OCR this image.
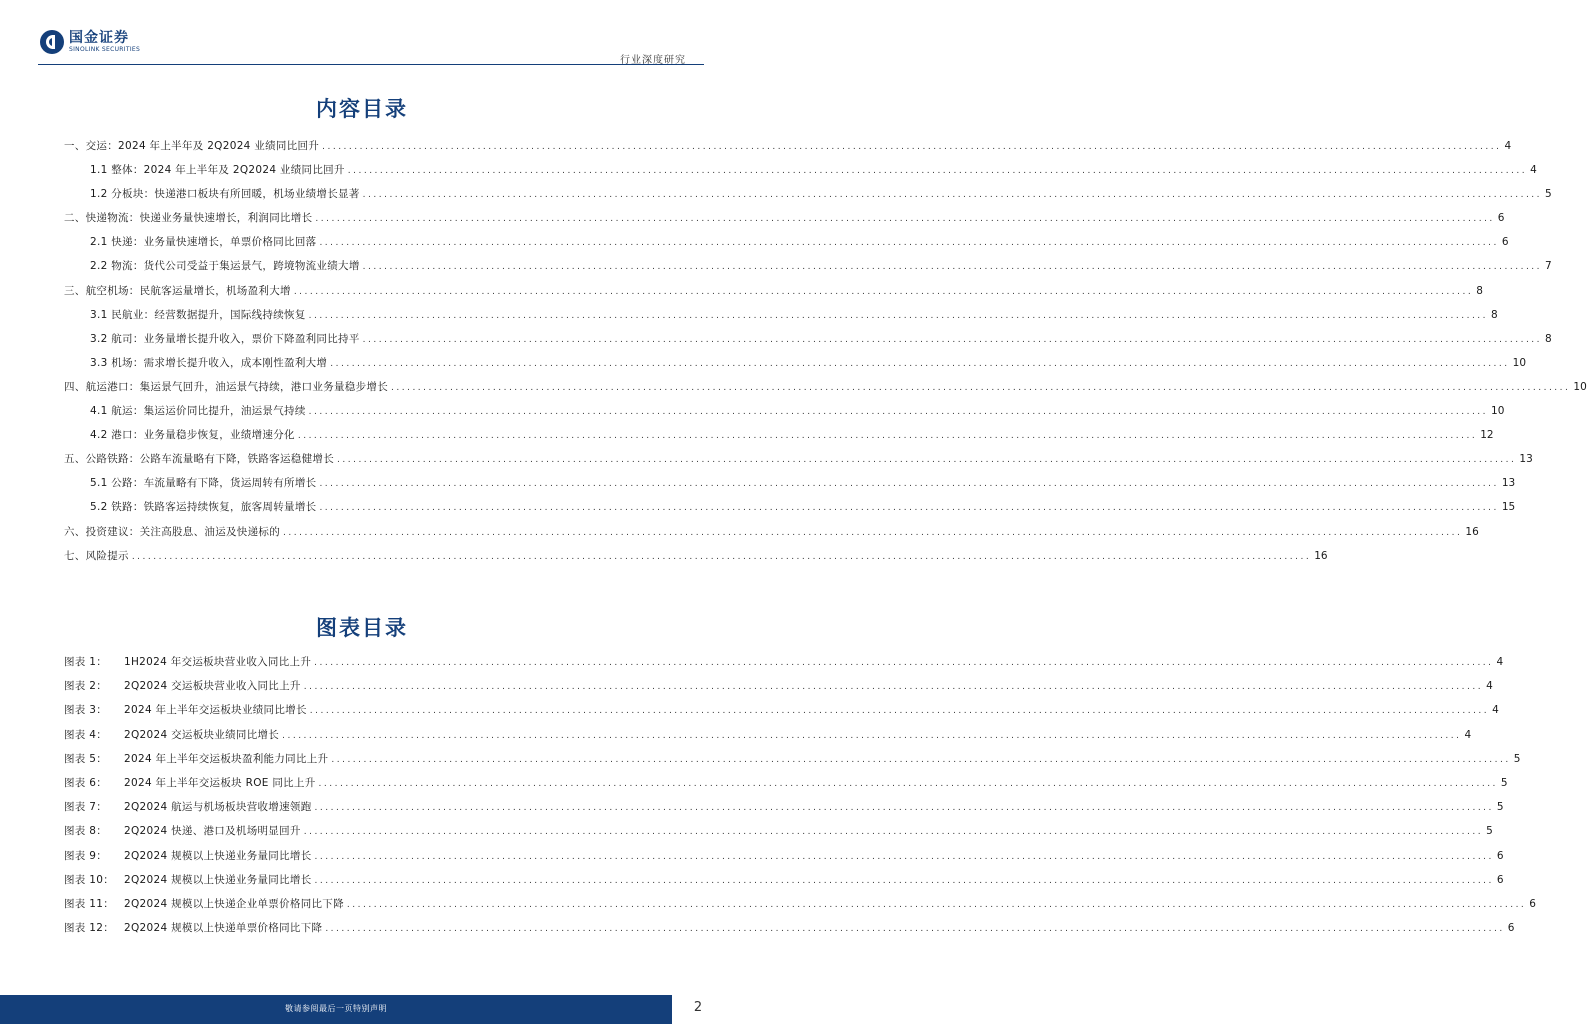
国金证券
SINOLINK SECURITIES
行业深度研究
内容目录
一、交运：2024 年上半年及 2Q2024 业绩同比回升 ............................................................................................................................................................................................................................ 4
1.1 整体：2024 年上半年及 2Q2024 业绩同比回升 ............................................................................................................................................................................................................................ 4
1.2 分板块：快递港口板块有所回暖，机场业绩增长显著 ............................................................................................................................................................................................................................ 5
二、快递物流：快递业务量快速增长，利润同比增长 ............................................................................................................................................................................................................................ 6
2.1 快递：业务量快速增长，单票价格同比回落 ............................................................................................................................................................................................................................ 6
2.2 物流：货代公司受益于集运景气，跨境物流业绩大增 ............................................................................................................................................................................................................................ 7
三、航空机场：民航客运量增长，机场盈利大增 ............................................................................................................................................................................................................................ 8
3.1 民航业：经营数据提升，国际线持续恢复 ............................................................................................................................................................................................................................ 8
3.2 航司：业务量增长提升收入，票价下降盈利同比持平 ............................................................................................................................................................................................................................ 8
3.3 机场：需求增长提升收入，成本刚性盈利大增 ............................................................................................................................................................................................................................ 10
四、航运港口：集运景气回升，油运景气持续，港口业务量稳步增长 ............................................................................................................................................................................................................................ 10
4.1 航运：集运运价同比提升，油运景气持续 ............................................................................................................................................................................................................................ 10
4.2 港口：业务量稳步恢复，业绩增速分化 ............................................................................................................................................................................................................................ 12
五、公路铁路：公路车流量略有下降，铁路客运稳健增长 ............................................................................................................................................................................................................................ 13
5.1 公路：车流量略有下降，货运周转有所增长 ............................................................................................................................................................................................................................ 13
5.2 铁路：铁路客运持续恢复，旅客周转量增长 ............................................................................................................................................................................................................................ 15
六、投资建议：关注高股息、油运及快递标的 ............................................................................................................................................................................................................................ 16
七、风险提示 ............................................................................................................................................................................................................................ 16
图表目录
图表 1：	1H2024 年交运板块营业收入同比上升 ............................................................................................................................................................................................................................ 4
图表 2：	2Q2024 交运板块营业收入同比上升 ............................................................................................................................................................................................................................ 4
图表 3：	2024 年上半年交运板块业绩同比增长 ............................................................................................................................................................................................................................ 4
图表 4：	2Q2024 交运板块业绩同比增长 ............................................................................................................................................................................................................................ 4
图表 5：	2024 年上半年交运板块盈利能力同比上升 ............................................................................................................................................................................................................................ 5
图表 6：	2024 年上半年交运板块 ROE 同比上升 ............................................................................................................................................................................................................................ 5
图表 7：	2Q2024 航运与机场板块营收增速领跑 ............................................................................................................................................................................................................................ 5
图表 8：	2Q2024 快递、港口及机场明显回升 ............................................................................................................................................................................................................................ 5
图表 9：	2Q2024 规模以上快递业务量同比增长 ............................................................................................................................................................................................................................ 6
图表 10： 2Q2024 规模以上快递业务量同比增长 ............................................................................................................................................................................................................................ 6
图表 11： 2Q2024 规模以上快递企业单票价格同比下降 ............................................................................................................................................................................................................................ 6
图表 12： 2Q2024 规模以上快递单票价格同比下降 ............................................................................................................................................................................................................................ 6
敬请参阅最后一页特别声明	2
